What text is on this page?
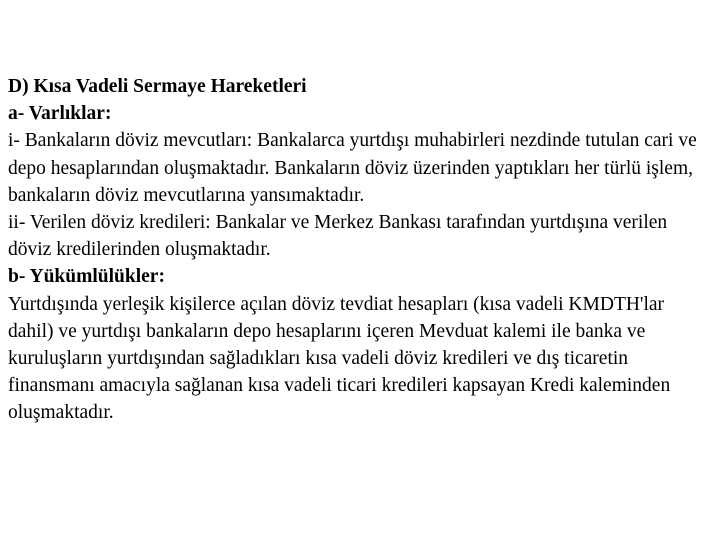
D) Kısa Vadeli Sermaye Hareketleri

a- Varlıklar:

i- Bankaların döviz mevcutları: Bankalarca yurtdışı muhabirleri nezdinde tutulan cari ve depo hesaplarından oluşmaktadır. Bankaların döviz üzerinden yaptıkları her türlü işlem, bankaların döviz mevcutlarına yansımaktadır.

ii- Verilen döviz kredileri: Bankalar ve Merkez Bankası tarafından yurtdışına verilen döviz kredilerinden oluşmaktadır.

b- Yükümlülükler:

Yurtdışında yerleşik kişilerce açılan döviz tevdiat hesapları (kısa vadeli KMDTH'lar dahil) ve yurtdışı bankaların depo hesaplarını içeren Mevduat kalemi ile banka ve kuruluşların yurtdışından sağladıkları kısa vadeli döviz kredileri ve dış ticaretin finansmanı amacıyla sağlanan kısa vadeli ticari kredileri kapsayan Kredi kaleminden oluşmaktadır.
